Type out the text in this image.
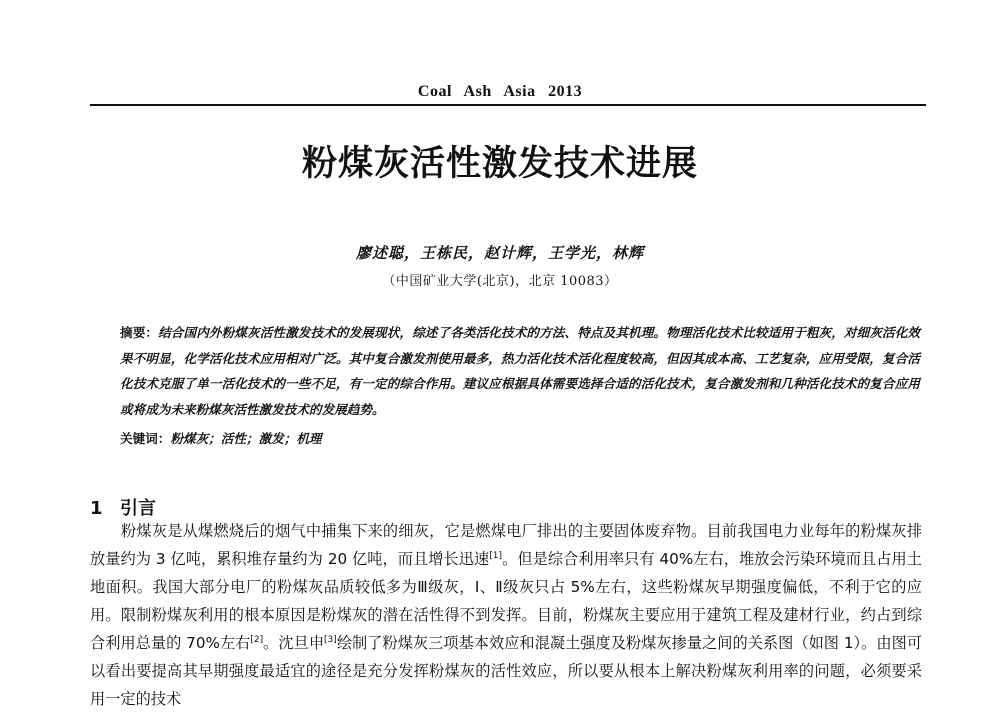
Coal Ash Asia 2013
粉煤灰活性激发技术进展
廖述聪，王栋民，赵计辉，王学光，林辉
（中国矿业大学(北京)，北京 10083）
摘要：结合国内外粉煤灰活性激发技术的发展现状，综述了各类活化技术的方法、特点及其机理。物理活化技术比较适用于粗灰，对细灰活化效果不明显，化学活化技术应用相对广泛。其中复合激发剂使用最多，热力活化技术活化程度较高，但因其成本高、工艺复杂，应用受限，复合活化技术克服了单一活化技术的一些不足，有一定的综合作用。建议应根据具体需要选择合适的活化技术，复合激发剂和几种活化技术的复合应用或将成为未来粉煤灰活性激发技术的发展趋势。
关键词：粉煤灰；活性；激发；机理
1 引言
粉煤灰是从煤燃烧后的烟气中捕集下来的细灰，它是燃煤电厂排出的主要固体废弃物。目前我国电力业每年的粉煤灰排放量约为 3 亿吨，累积堆存量约为 20 亿吨，而且增长迅速[1]。但是综合利用率只有 40%左右，堆放会污染环境而且占用土地面积。我国大部分电厂的粉煤灰品质较低多为Ⅲ级灰，Ⅰ、Ⅱ级灰只占 5%左右，这些粉煤灰早期强度偏低，不利于它的应用。限制粉煤灰利用的根本原因是粉煤灰的潜在活性得不到发挥。目前，粉煤灰主要应用于建筑工程及建材行业，约占到综合利用总量的 70%左右[2]。沈旦申[3]绘制了粉煤灰三项基本效应和混凝土强度及粉煤灰掺量之间的关系图（如图 1）。由图可以看出要提高其早期强度最适宜的途径是充分发挥粉煤灰的活性效应，所以要从根本上解决粉煤灰利用率的问题，必须要采用一定的技术
